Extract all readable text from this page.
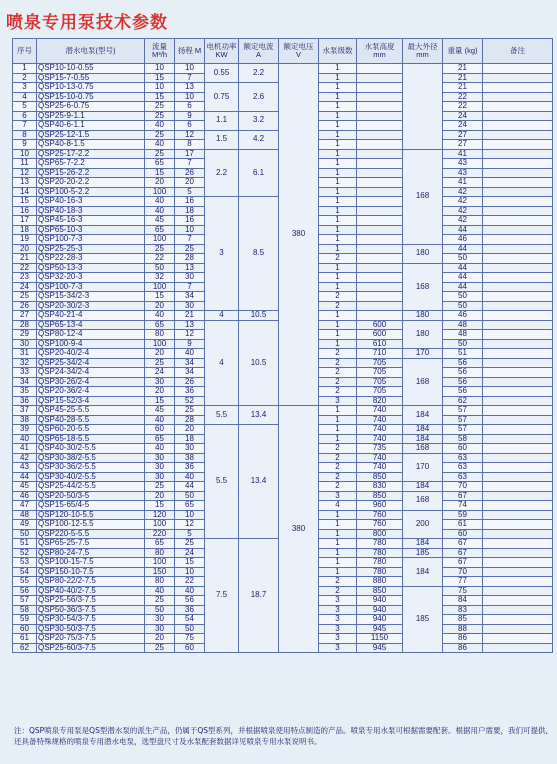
喷泉专用泵技术参数
序号	潜水电泵(型号)	流量 M³/h	扬程 M	电机功率 KW	额定电流 A	额定电压 V	水泵级数	水泵高度 mm	最大外径 mm	重量 (kg)	备注
1	QSP10-10-0.55	10	10	0.55	2.2	380	1			21	
2	QSP15-7-0.55	15	7				1			21	
3	QSP10-13-0.75	10	13	0.75	2.6		1			21	
4	QSP15-10-0.75	15	10				1			22	
5	QSP25-6-0.75	25	6				1			22	
6	QSP25-9-1.1	25	9	1.1	3.2		1			24	
7	QSP40-6-1.1	40	6				1			24	
8	QSP25-12-1.5	25	12	1.5	4.2		1			27	
9	QSP40-8-1.5	40	8				1			27	
10	QSP25-17-2.2	25	17	2.2	6.1		1		168	41	
11	QSP65-7-2.2	65	7				1			43	
12	QSP15-26-2.2	15	26				1			43	
13	QSP20-20-2.2	20	20				1			41	
14	QSP100-5-2.2	100	5				1			42	
15	QSP40-16-3	40	16	3	8.5		1			42	
16	QSP40-18-3	40	18				1			42	
17	QSP45-16-3	45	16				1			42	
18	QSP65-10-3	65	10				1			44	
19	QSP100-7-3	100	7				1			46	
20	QSP25-25-3	25	25				1		180	44	
21	QSP22-28-3	22	28				2			50	
22	QSP50-13-3	50	13				1		168	44	
23	QSP32-20-3	32	30				1			44	
24	QSP100-7-3	100	7				1			44	
25	QSP15-34/2-3	15	34				2			50	
26	QSP20-30/2-3	20	30				2			50	
27	QSP40-21-4	40	21	4	10.5		1		180	46	
28	QSP65-13-4	65	13	4	10.5		1	600	180	48	
29	QSP80-12-4	80	12				1	600		48	
30	QSP100-9-4	100	9				1	610		50	
31	QSP20-40/2-4	20	40				2	710	170	51	
32	QSP25-34/2-4	25	34				2	705	168	56	
33	QSP24-34/2-4	24	34				2	705		56	
34	QSP30-26/2-4	30	26				2	705		56	
35	QSP20-36/2-4	20	36				2	705		56	
36	QSP15-52/3-4	15	52				3	820		62	
37	QSP45-25-5.5	45	25	5.5	13.4	380	1	740	184	57	
38	QSP40-28-5.5	40	28				1	740		57	
39	QSP60-20-5.5	60	20	5.5	13.4		1	740	184	57	
40	QSP65-18-5.5	65	18				1	740	184	58	
41	QSP40-30/2-5.5	40	30				2	735	168	60	
42	QSP30-38/2-5.5	30	38				2	740	170	63	
43	QSP30-36/2-5.5	30	36				2	740		63	
44	QSP30-40/2-5.5	30	40				2	850		63	
45	QSP25-44/2-5.5	25	44				2	830	184	70	
46	QSP20-50/3-5	20	50				3	850	168	67	
47	QSP15-65/4-5	15	65				4	960		74	
48	QSP120-10-5.5	120	10				1	760	200	59	
49	QSP100-12-5.5	100	12				1	760		61	
50	QSP220-5-5.5	220	5				1	800		60	
51	QSP65-25-7.5	65	25	7.5	18.7		1	780	184	67	
52	QSP80-24-7.5	80	24				1	780	185	67	
53	QSP100-15-7.5	100	15				1	780	184	67	
54	QSP150-10-7.5	150	10				1	780		70	
55	QSP80-22/2-7.5	80	22				2	880		77	
56	QSP40-40/2-7.5	40	40				2	850	185	75	
57	QSP25-56/3-7.5	25	56				3	940		84	
58	QSP50-36/3-7.5	50	36				3	940		83	
59	QSP30-54/3-7.5	30	54				3	940		85	
60	QSP30-50/3-7.5	30	50				3	945		88	
61	QSP20-75/3-7.5	20	75				3	1150		86	
62	QSP25-60/3-7.5	25	60				3	945		86	
注：QSP喷泉专用泵是QS型潜水泵的派生产品，仍属于QS型系列，并根据喷泉使用特点制造的产品。喷泉专用水泵可根据需要配套。根据用户需要，我们可提供，还具备特殊规格的喷泉专用潜水电泵，选型盘尺寸及水泵配套数据详见喷泉专用水泵说明书。
